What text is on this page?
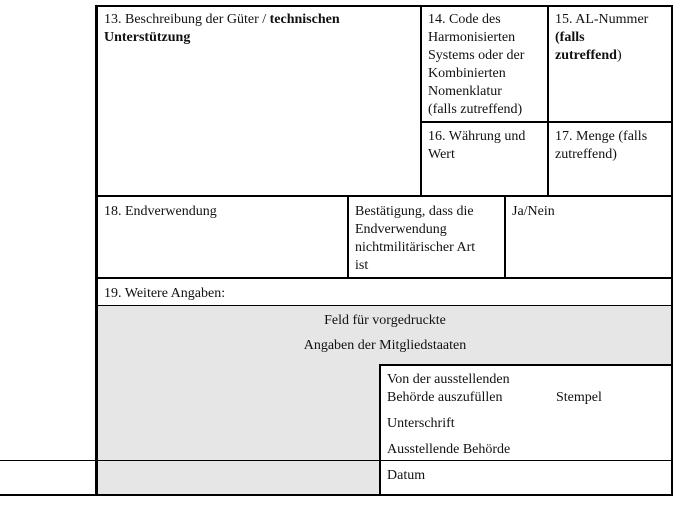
13. Beschreibung der Güter / technischen Unterstützung
14. Code des
Harmonisierten
Systems oder der
Kombinierten
Nomenklatur
(falls zutreffend)
15. AL-Nummer
(falls
zutreffend)
16. Währung und
Wert
17. Menge (falls
zutreffend)
18. Endverwendung	Bestätigung, dass die
Endverwendung
nichtmilitärischer Art
ist
Ja/Nein
19. Weitere Angaben:
Feld für vorgedruckte
Angaben der Mitgliedstaaten
Von der ausstellenden
Behörde auszufüllen	Stempel
Unterschrift
Ausstellende Behörde
Datum
